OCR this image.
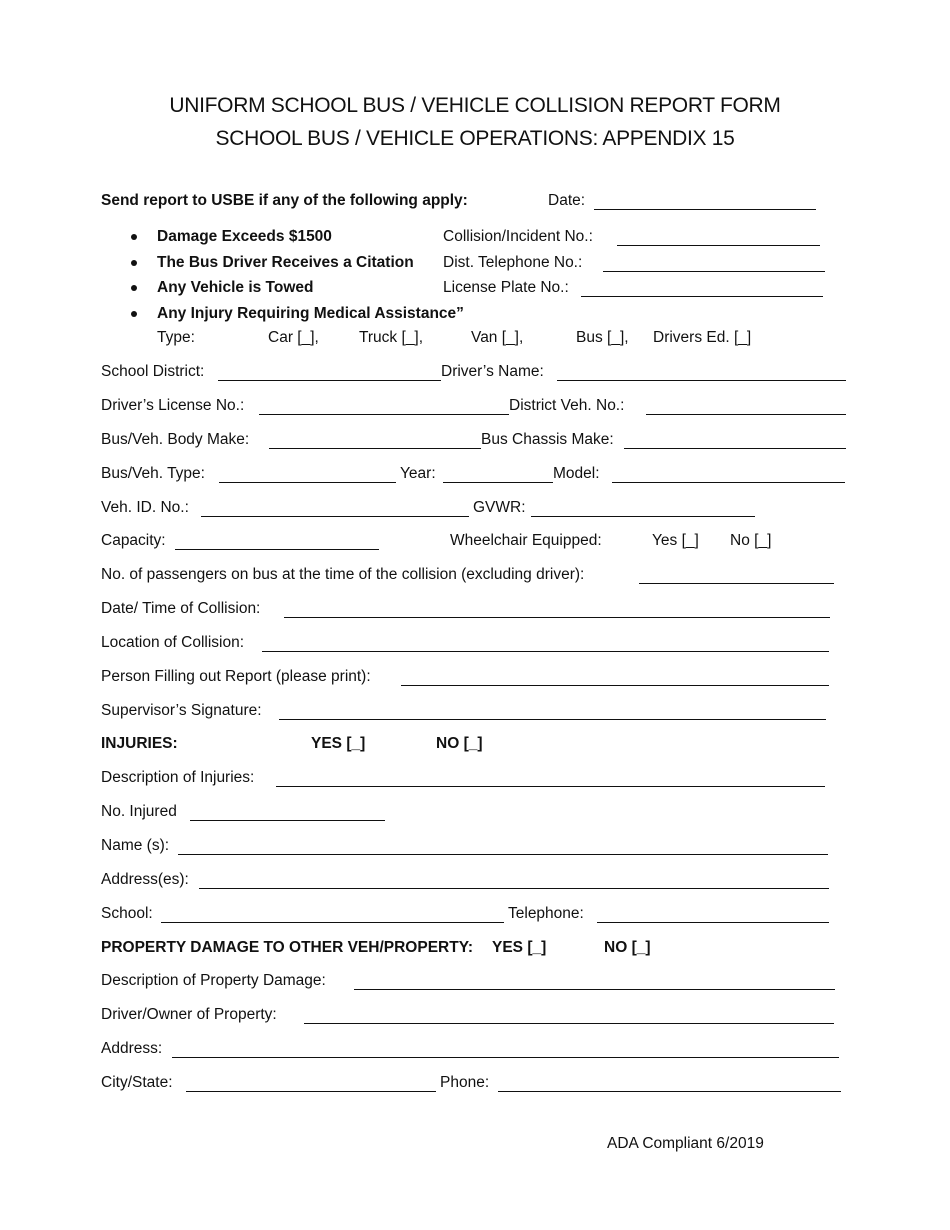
UNIFORM SCHOOL BUS / VEHICLE COLLISION REPORT FORM
SCHOOL BUS / VEHICLE OPERATIONS: APPENDIX 15
Send report to USBE if any of the following apply:	Date:
Damage Exceeds $1500
The Bus Driver Receives a Citation
Any Vehicle is Towed
Any Injury Requiring Medical Assistance”
Collision/Incident No.:
Dist. Telephone No.:
License Plate No.:
Type:	Car [ _] ,	Truck [ _] ,	Van [ _] ,	Bus [ _] , Drivers Ed. [ _]
School District:	Driver’s Name:
Driver’s License No.:	District Veh. No.:
Bus/Veh. Body Make:	Bus Chassis Make:
Bus/Veh. Type:	Year:	Model:
Veh. ID. No.:	GVWR:
Capacity:	Wheelchair Equipped:	Yes [ _]	No [ _]
No. of passengers on bus at the time of the collision (excluding driver):
Date/ Time of Collision:
Location of Collision:
Person Filling out Report (please print):
Supervisor’s Signature:
INJURIES:	YES [ _]	NO [ _]
Description of Injuries:
No. Injured
Name (s):
Address(es):
School:	Telephone:
PROPERTY DAMAGE TO OTHER VEH/PROPERTY: YES [ _]	NO [ _]
Description of Property Damage:
Driver/Owner of Property:
Address:
City/State:	Phone:
ADA Compliant 6/2019
